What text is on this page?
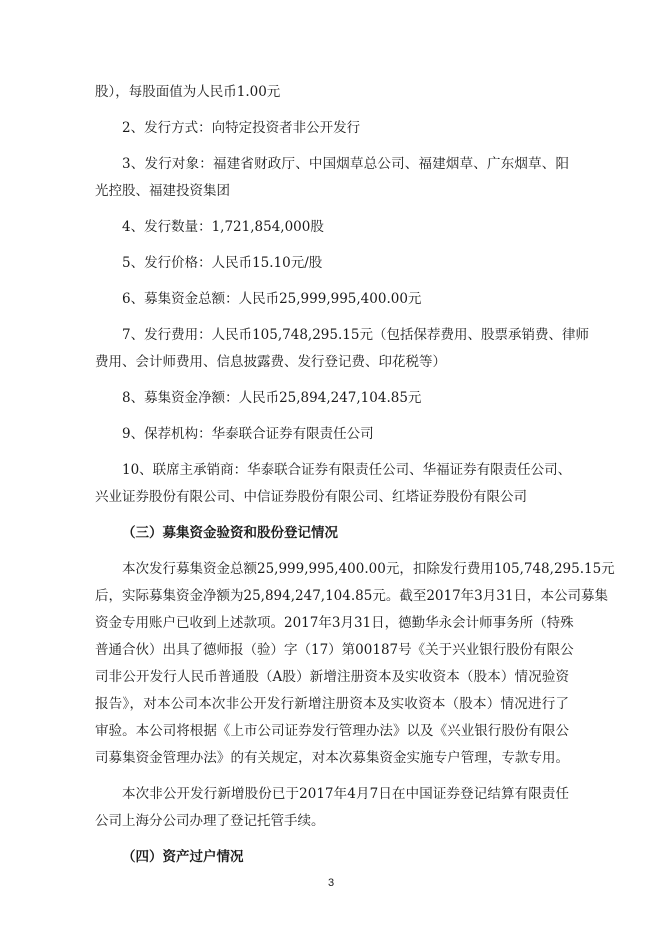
股），每股面值为人民币1.00元
2、发行方式：向特定投资者非公开发行
3、发行对象：福建省财政厅、中国烟草总公司、福建烟草、广东烟草、阳
光控股、福建投资集团
4、发行数量：1,721,854,000股
5、发行价格：人民币15.10元/股
6、募集资金总额：人民币25,999,995,400.00元
7、发行费用：人民币105,748,295.15元（包括保荐费用、股票承销费、律师
费用、会计师费用、信息披露费、发行登记费、印花税等）
8、募集资金净额：人民币25,894,247,104.85元
9、保荐机构：华泰联合证券有限责任公司
10、联席主承销商：华泰联合证券有限责任公司、华福证券有限责任公司、
兴业证券股份有限公司、中信证券股份有限公司、红塔证券股份有限公司
（三）募集资金验资和股份登记情况
本次发行募集资金总额25,999,995,400.00元，扣除发行费用105,748,295.15元
后，实际募集资金净额为25,894,247,104.85元。截至2017年3月31日，本公司募集
资金专用账户已收到上述款项。2017年3月31日，德勤华永会计师事务所（特殊
普通合伙）出具了德师报（验）字（17）第00187号《关于兴业银行股份有限公
司非公开发行人民币普通股（A股）新增注册资本及实收资本（股本）情况验资
报告》，对本公司本次非公开发行新增注册资本及实收资本（股本）情况进行了
审验。本公司将根据《上市公司证券发行管理办法》以及《兴业银行股份有限公
司募集资金管理办法》的有关规定，对本次募集资金实施专户管理，专款专用。
本次非公开发行新增股份已于2017年4月7日在中国证券登记结算有限责任
公司上海分公司办理了登记托管手续。
（四）资产过户情况
3
